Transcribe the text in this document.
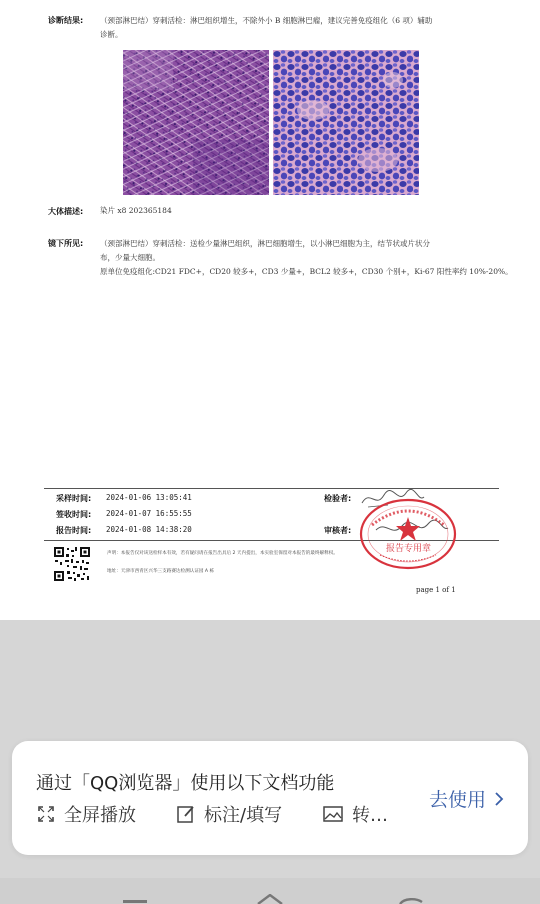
诊断结果: （颈部淋巴结）穿刺活检：淋巴组织增生，不除外小 B 细胞淋巴瘤，建议完善免疫组化（6 项）辅助
诊断。
大体描述: 染片 x8 202365184
镜下所见: （颈部淋巴结）穿刺活检：送检少量淋巴组织，淋巴细胞增生，以小淋巴细胞为主，结节状或片状分
布，少量大细胞。
原单位免疫组化:CD21 FDC+，CD20 较多+，CD3 少量+，BCL2 较多+，CD30 个别+，Ki-67 阳性率约 10%-20%。
采样时间: 2024-01-06 13:05:41
签收时间: 2024-01-07 16:55:55
报告时间: 2024-01-08 14:38:20
检验者:
审核者:
声明：本报告仅对该送检样本有效，若有疑问请在报告出具后 2 天内提出，本实验室保留对本报告的最终解释权。
地址：天津市西青区兴华三支路赛达检测认证园 A 栋
报告专用章
page 1 of 1
通过「QQ浏览器」使用以下文档功能
全屏播放	标注/填写	转…
去使用
